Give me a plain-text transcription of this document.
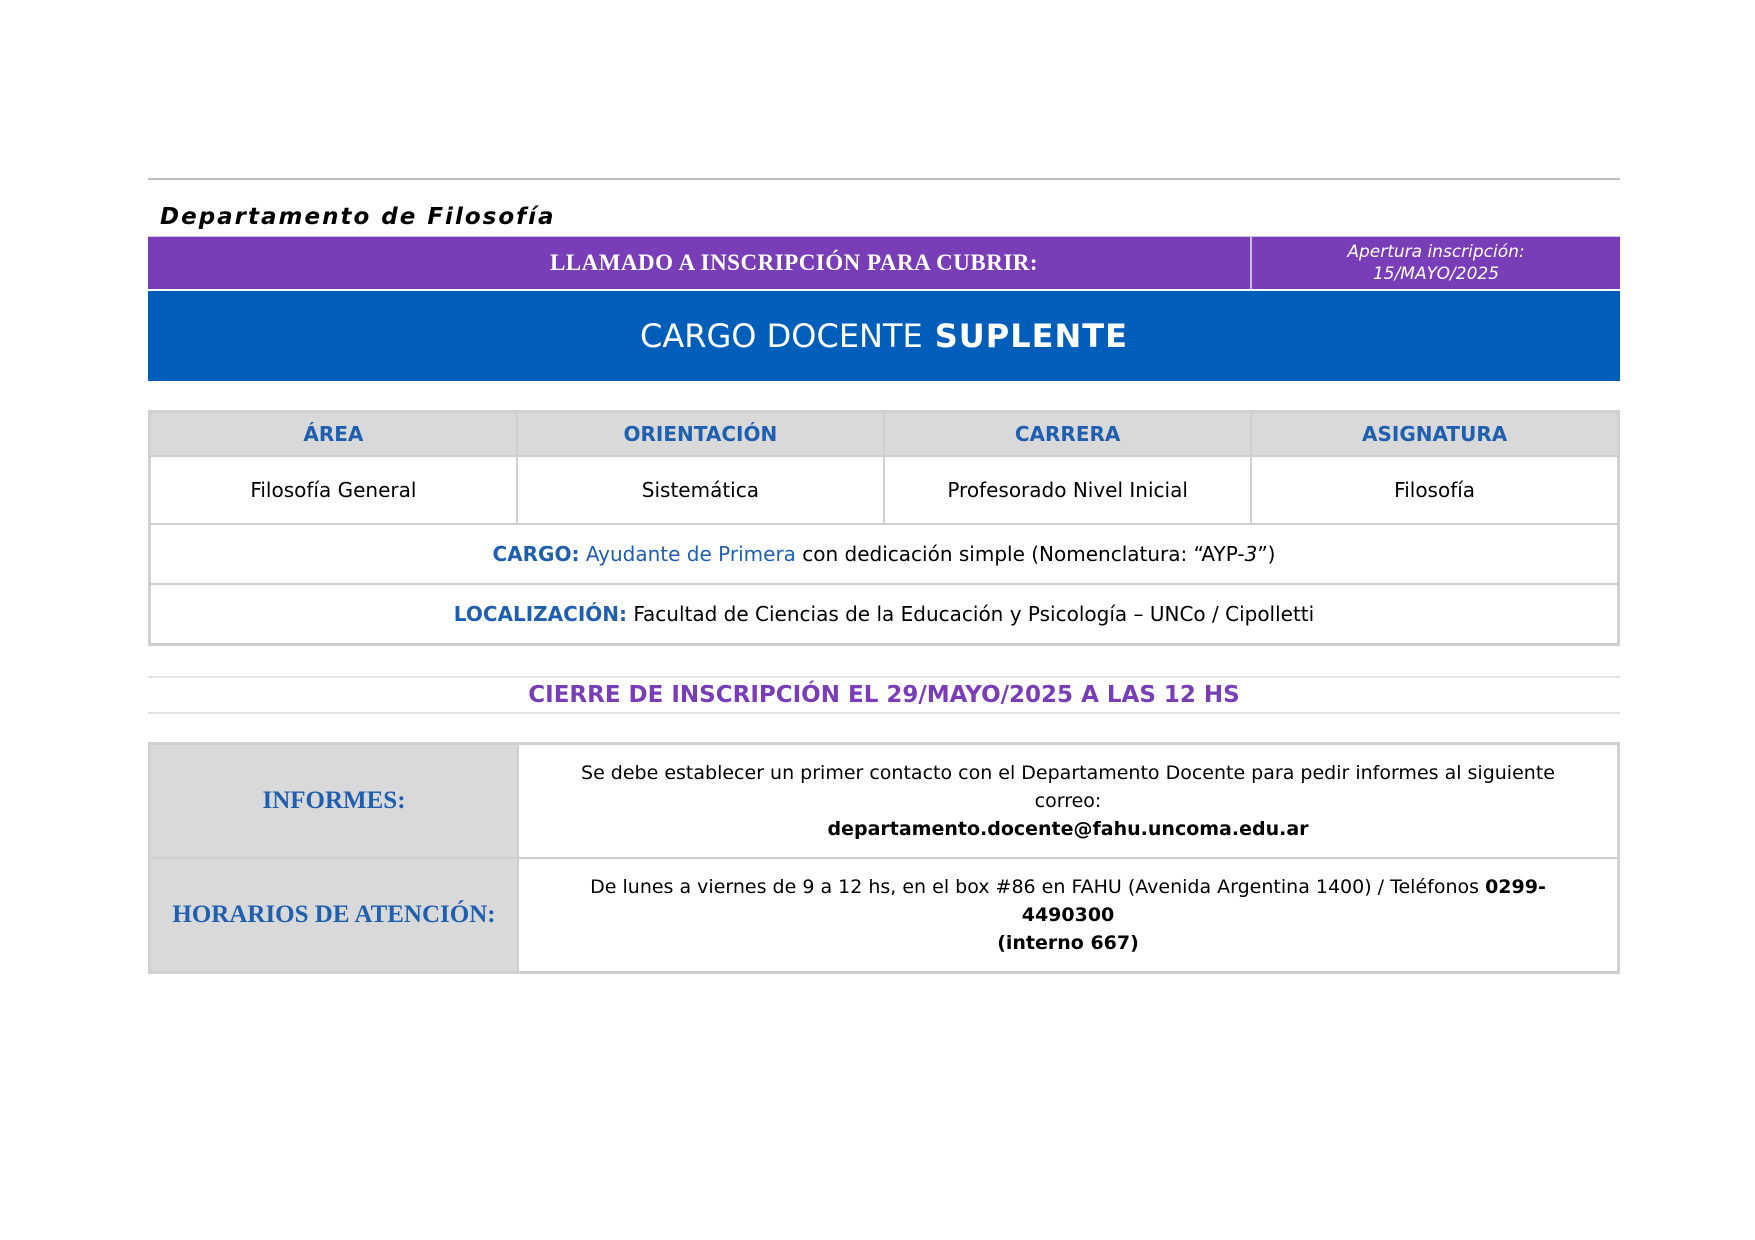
Departamento de Filosofía
LLAMADO A INSCRIPCIÓN PARA CUBRIR:	Apertura inscripción:
15/MAYO/2025
CARGO DOCENTE SUPLENTE
ÁREA	ORIENTACIÓN	CARRERA	ASIGNATURA
Filosofía General	Sistemática	Profesorado Nivel Inicial	Filosofía
CARGO: Ayudante de Primera con dedicación simple (Nomenclatura: “AYP-3”)			
LOCALIZACIÓN: Facultad de Ciencias de la Educación y Psicología – UNCo / Cipolletti			
CIERRE DE INSCRIPCIÓN EL 29/MAYO/2025 A LAS 12 HS
INFORMES:	Se debe establecer un primer contacto con el Departamento Docente para pedir informes al siguiente correo:
departamento.docente@fahu.uncoma.edu.ar
HORARIOS DE ATENCIÓN:	De lunes a viernes de 9 a 12 hs, en el box #86 en FAHU (Avenida Argentina 1400) / Teléfonos 0299-4490300
(interno 667)
